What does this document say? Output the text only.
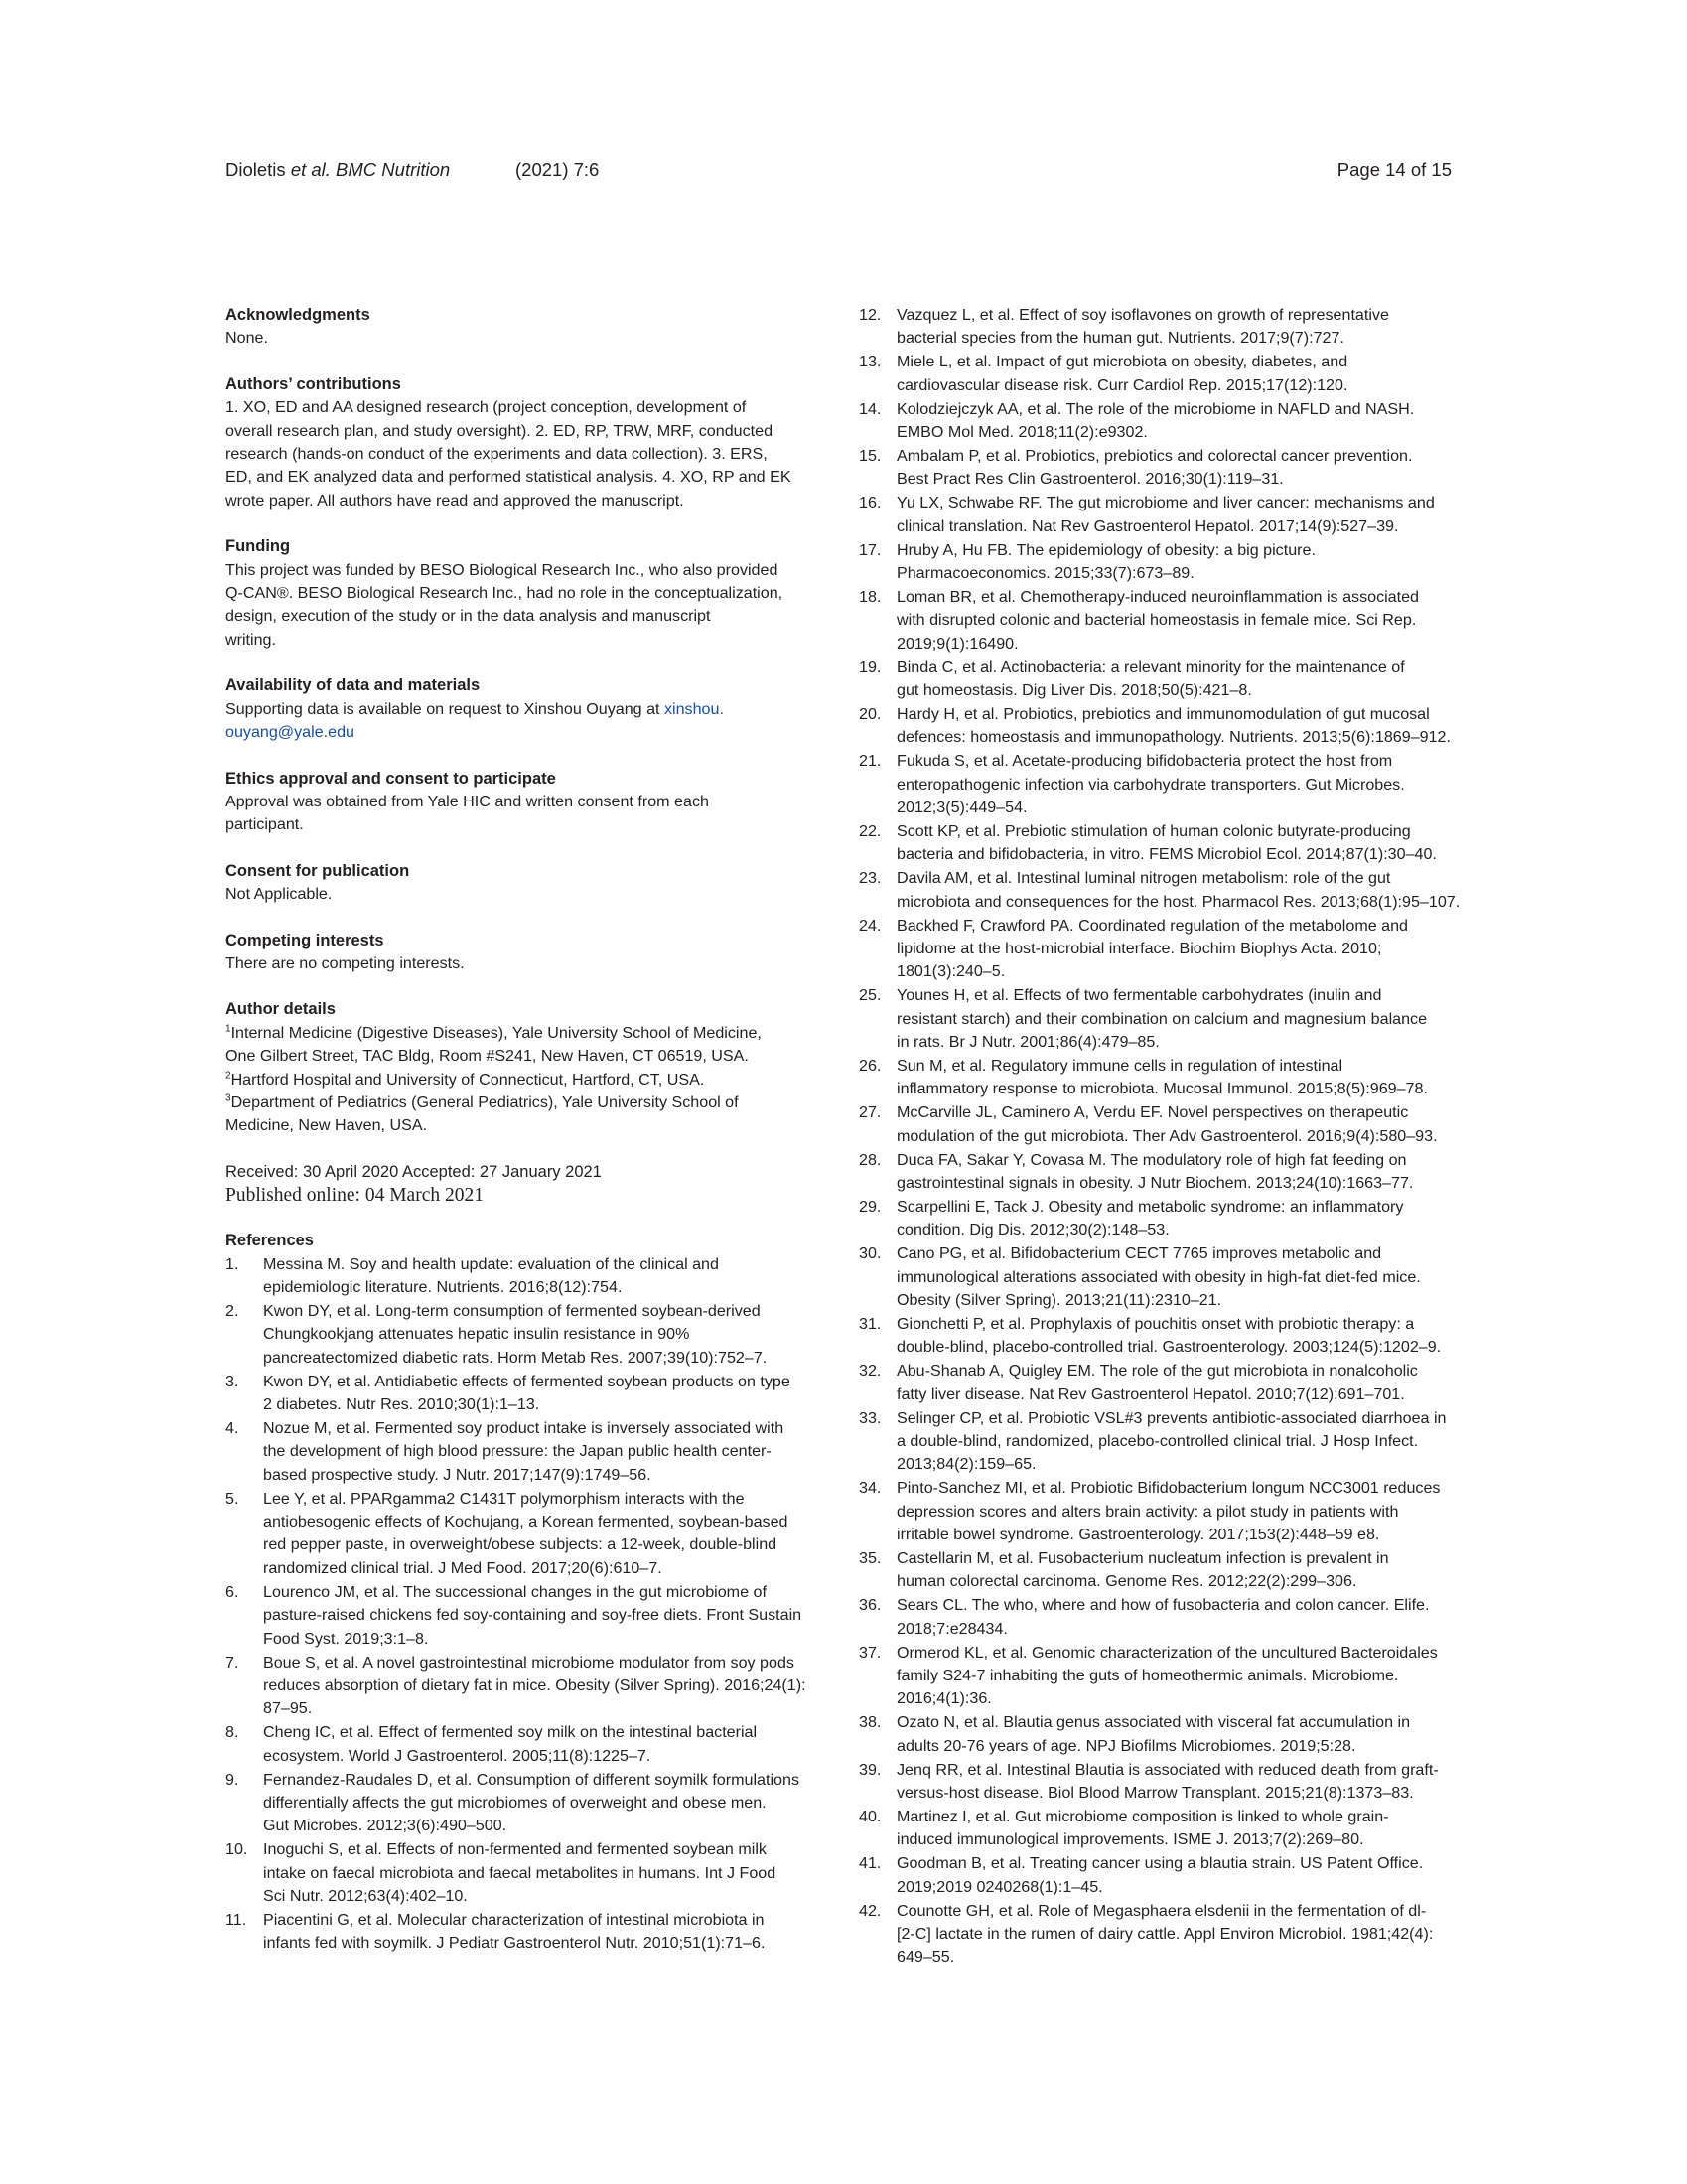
Dioletis et al. BMC Nutrition	(2021) 7:6	Page 14 of 15
Acknowledgments

None.

Authors’ contributions

1. XO, ED and AA designed research (project conception, development of
overall research plan, and study oversight). 2. ED, RP, TRW, MRF, conducted
research (hands-on conduct of the experiments and data collection). 3. ERS,
ED, and EK analyzed data and performed statistical analysis. 4. XO, RP and EK
wrote paper. All authors have read and approved the manuscript.

Funding

This project was funded by BESO Biological Research Inc., who also provided
Q-CAN®. BESO Biological Research Inc., had no role in the conceptualization,
design, execution of the study or in the data analysis and manuscript
writing.

Availability of data and materials

Supporting data is available on request to Xinshou Ouyang at xinshou.
ouyang@yale.edu

Ethics approval and consent to participate

Approval was obtained from Yale HIC and written consent from each
participant.

Consent for publication

Not Applicable.

Competing interests

There are no competing interests.

Author details

$^1$Internal Medicine (Digestive Diseases), Yale University School of Medicine,
One Gilbert Street, TAC Bldg, Room #S241, New Haven, CT 06519, USA.
$^2$Hartford Hospital and University of Connecticut, Hartford, CT, USA.
$^3$Department of Pediatrics (General Pediatrics), Yale University School of
Medicine, New Haven, USA.

Received: 30 April 2020 Accepted: 27 January 2021
Published online: 04 March 2021
References
1. Messina M. Soy and health update: evaluation of the clinical and
epidemiologic literature. Nutrients. 2016;8(12):754.
2. Kwon DY, et al. Long-term consumption of fermented soybean-derived
Chungkookjang attenuates hepatic insulin resistance in 90%
pancreatectomized diabetic rats. Horm Metab Res. 2007;39(10):752–7.
3. Kwon DY, et al. Antidiabetic effects of fermented soybean products on type
2 diabetes. Nutr Res. 2010;30(1):1–13.
4. Nozue M, et al. Fermented soy product intake is inversely associated with
the development of high blood pressure: the Japan public health center-
based prospective study. J Nutr. 2017;147(9):1749–56.
5. Lee Y, et al. PPARgamma2 C1431T polymorphism interacts with the
antiobesogenic effects of Kochujang, a Korean fermented, soybean-based
red pepper paste, in overweight/obese subjects: a 12-week, double-blind
randomized clinical trial. J Med Food. 2017;20(6):610–7.
6. Lourenco JM, et al. The successional changes in the gut microbiome of
pasture-raised chickens fed soy-containing and soy-free diets. Front Sustain
Food Syst. 2019;3:1–8.
7. Boue S, et al. A novel gastrointestinal microbiome modulator from soy pods
reduces absorption of dietary fat in mice. Obesity (Silver Spring). 2016;24(1):
87–95.
8. Cheng IC, et al. Effect of fermented soy milk on the intestinal bacterial
ecosystem. World J Gastroenterol. 2005;11(8):1225–7.
9. Fernandez-Raudales D, et al. Consumption of different soymilk formulations
differentially affects the gut microbiomes of overweight and obese men.
Gut Microbes. 2012;3(6):490–500.
10. Inoguchi S, et al. Effects of non-fermented and fermented soybean milk
intake on faecal microbiota and faecal metabolites in humans. Int J Food
Sci Nutr. 2012;63(4):402–10.
11. Piacentini G, et al. Molecular characterization of intestinal microbiota in
infants fed with soymilk. J Pediatr Gastroenterol Nutr. 2010;51(1):71–6.
12. Vazquez L, et al. Effect of soy isoflavones on growth of representative
bacterial species from the human gut. Nutrients. 2017;9(7):727.
13. Miele L, et al. Impact of gut microbiota on obesity, diabetes, and
cardiovascular disease risk. Curr Cardiol Rep. 2015;17(12):120.
14. Kolodziejczyk AA, et al. The role of the microbiome in NAFLD and NASH.
EMBO Mol Med. 2018;11(2):e9302.
15. Ambalam P, et al. Probiotics, prebiotics and colorectal cancer prevention.
Best Pract Res Clin Gastroenterol. 2016;30(1):119–31.
16. Yu LX, Schwabe RF. The gut microbiome and liver cancer: mechanisms and
clinical translation. Nat Rev Gastroenterol Hepatol. 2017;14(9):527–39.
17. Hruby A, Hu FB. The epidemiology of obesity: a big picture.
Pharmacoeconomics. 2015;33(7):673–89.
18. Loman BR, et al. Chemotherapy-induced neuroinflammation is associated
with disrupted colonic and bacterial homeostasis in female mice. Sci Rep.
2019;9(1):16490.
19. Binda C, et al. Actinobacteria: a relevant minority for the maintenance of
gut homeostasis. Dig Liver Dis. 2018;50(5):421–8.
20. Hardy H, et al. Probiotics, prebiotics and immunomodulation of gut mucosal
defences: homeostasis and immunopathology. Nutrients. 2013;5(6):1869–912.
21. Fukuda S, et al. Acetate-producing bifidobacteria protect the host from
enteropathogenic infection via carbohydrate transporters. Gut Microbes.
2012;3(5):449–54.
22. Scott KP, et al. Prebiotic stimulation of human colonic butyrate-producing
bacteria and bifidobacteria, in vitro. FEMS Microbiol Ecol. 2014;87(1):30–40.
23. Davila AM, et al. Intestinal luminal nitrogen metabolism: role of the gut
microbiota and consequences for the host. Pharmacol Res. 2013;68(1):95–107.
24. Backhed F, Crawford PA. Coordinated regulation of the metabolome and
lipidome at the host-microbial interface. Biochim Biophys Acta. 2010;
1801(3):240–5.
25. Younes H, et al. Effects of two fermentable carbohydrates (inulin and
resistant starch) and their combination on calcium and magnesium balance
in rats. Br J Nutr. 2001;86(4):479–85.
26. Sun M, et al. Regulatory immune cells in regulation of intestinal
inflammatory response to microbiota. Mucosal Immunol. 2015;8(5):969–78.
27. McCarville JL, Caminero A, Verdu EF. Novel perspectives on therapeutic
modulation of the gut microbiota. Ther Adv Gastroenterol. 2016;9(4):580–93.
28. Duca FA, Sakar Y, Covasa M. The modulatory role of high fat feeding on
gastrointestinal signals in obesity. J Nutr Biochem. 2013;24(10):1663–77.
29. Scarpellini E, Tack J. Obesity and metabolic syndrome: an inflammatory
condition. Dig Dis. 2012;30(2):148–53.
30. Cano PG, et al. Bifidobacterium CECT 7765 improves metabolic and
immunological alterations associated with obesity in high-fat diet-fed mice.
Obesity (Silver Spring). 2013;21(11):2310–21.
31. Gionchetti P, et al. Prophylaxis of pouchitis onset with probiotic therapy: a
double-blind, placebo-controlled trial. Gastroenterology. 2003;124(5):1202–9.
32. Abu-Shanab A, Quigley EM. The role of the gut microbiota in nonalcoholic
fatty liver disease. Nat Rev Gastroenterol Hepatol. 2010;7(12):691–701.
33. Selinger CP, et al. Probiotic VSL#3 prevents antibiotic-associated diarrhoea in
a double-blind, randomized, placebo-controlled clinical trial. J Hosp Infect.
2013;84(2):159–65.
34. Pinto-Sanchez MI, et al. Probiotic Bifidobacterium longum NCC3001 reduces
depression scores and alters brain activity: a pilot study in patients with
irritable bowel syndrome. Gastroenterology. 2017;153(2):448–59 e8.
35. Castellarin M, et al. Fusobacterium nucleatum infection is prevalent in
human colorectal carcinoma. Genome Res. 2012;22(2):299–306.
36. Sears CL. The who, where and how of fusobacteria and colon cancer. Elife.
2018;7:e28434.
37. Ormerod KL, et al. Genomic characterization of the uncultured Bacteroidales
family S24-7 inhabiting the guts of homeothermic animals. Microbiome.
2016;4(1):36.
38. Ozato N, et al. Blautia genus associated with visceral fat accumulation in
adults 20-76 years of age. NPJ Biofilms Microbiomes. 2019;5:28.
39. Jenq RR, et al. Intestinal Blautia is associated with reduced death from graft-
versus-host disease. Biol Blood Marrow Transplant. 2015;21(8):1373–83.
40. Martinez I, et al. Gut microbiome composition is linked to whole grain-
induced immunological improvements. ISME J. 2013;7(2):269–80.
41. Goodman B, et al. Treating cancer using a blautia strain. US Patent Office.
2019;2019 0240268(1):1–45.
42. Counotte GH, et al. Role of Megasphaera elsdenii in the fermentation of dl-
[2-C] lactate in the rumen of dairy cattle. Appl Environ Microbiol. 1981;42(4):
649–55.
